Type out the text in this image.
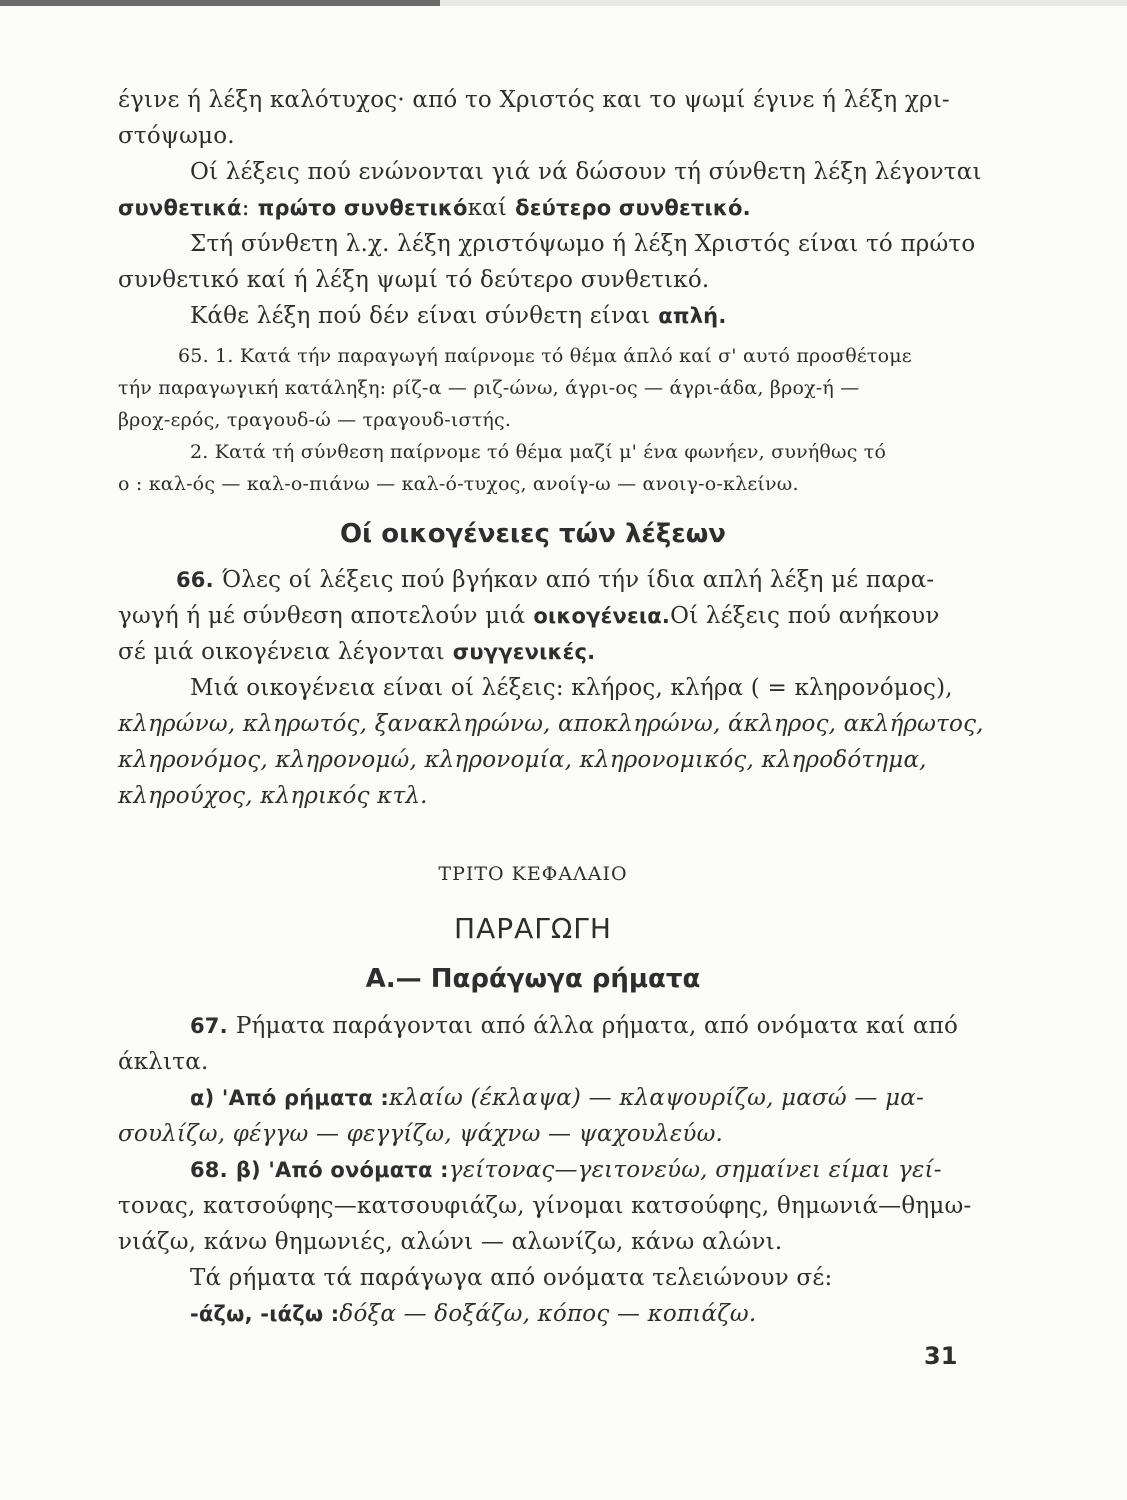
έγινε ή λέξη καλότυχος· από το Χριστός και το ψωμί έγινε ή λέξη χρι-
στόψωμο.
Οί λέξεις πού ενώνονται γιά νά δώσουν τή σύνθετη λέξη λέγονται
συνθετικά : πρώτο συνθετικό καί δεύτερο συνθετικό.
Στή σύνθετη λ.χ. λέξη χριστόψωμο ή λέξη Χριστός είναι τό πρώτο
συνθετικό καί ή λέξη ψωμί τό δεύτερο συνθετικό.
Κάθε λέξη πού δέν είναι σύνθετη είναι απλή.
65. 1. Κατά τήν παραγωγή παίρνομε τό θέμα άπλό καί σ' αυτό προσθέτομε
τήν παραγωγική κατάληξη: ρίζ-α — ριζ-ώνω, άγρι-ος — άγρι-άδα, βροχ-ή —
βροχ-ερός, τραγουδ-ώ — τραγουδ-ιστής.
2. Κατά τή σύνθεση παίρνομε τό θέμα μαζί μ' ένα φωνήεν, συνήθως τό
ο : καλ-ός — καλ-ο-πιάνω — καλ-ό-τυχος, ανοίγ-ω — ανοιγ-ο-κλείνω.
Οί οικογένειες τών λέξεων
66. Όλες οί λέξεις πού βγήκαν από τήν ίδια απλή λέξη μέ παρα-
γωγή ή μέ σύνθεση αποτελούν μιά οικογένεια. Οί λέξεις πού ανήκουν
σέ μιά οικογένεια λέγονται συγγενικές.
Μιά οικογένεια είναι οί λέξεις: κλήρος, κλήρα ( = κληρονόμος),
κληρώνω, κληρωτός, ξανακληρώνω, αποκληρώνω, άκληρος, ακλήρωτος,
κληρονόμος, κληρονομώ, κληρονομία, κληρονομικός, κληροδότημα,
κληρούχος, κληρικός κτλ.
ΤΡΙΤΟ ΚΕΦΑΛΑΙΟ
ΠΑΡΑΓΩΓΗ
Α.— Παράγωγα ρήματα
67. Ρήματα παράγονται από άλλα ρήματα, από ονόματα καί από
άκλιτα.
α) 'Από ρήματα : κλαίω (έκλαψα) — κλαψουρίζω, μασώ — μα-
σουλίζω, φέγγω — φεγγίζω, ψάχνω — ψαχουλεύω.
68. β) 'Από ονόματα : γείτονας—γειτονεύω, σημαίνει είμαι γεί-
τονας, κατσούφης—κατσουφιάζω, γίνομαι κατσούφης, θημωνιά—θημω-
νιάζω, κάνω θημωνιές, αλώνι — αλωνίζω, κάνω αλώνι.
Τά ρήματα τά παράγωγα από ονόματα τελειώνουν σέ:
-άζω, -ιάζω : δόξα — δοξάζω, κόπος — κοπιάζω.
31
